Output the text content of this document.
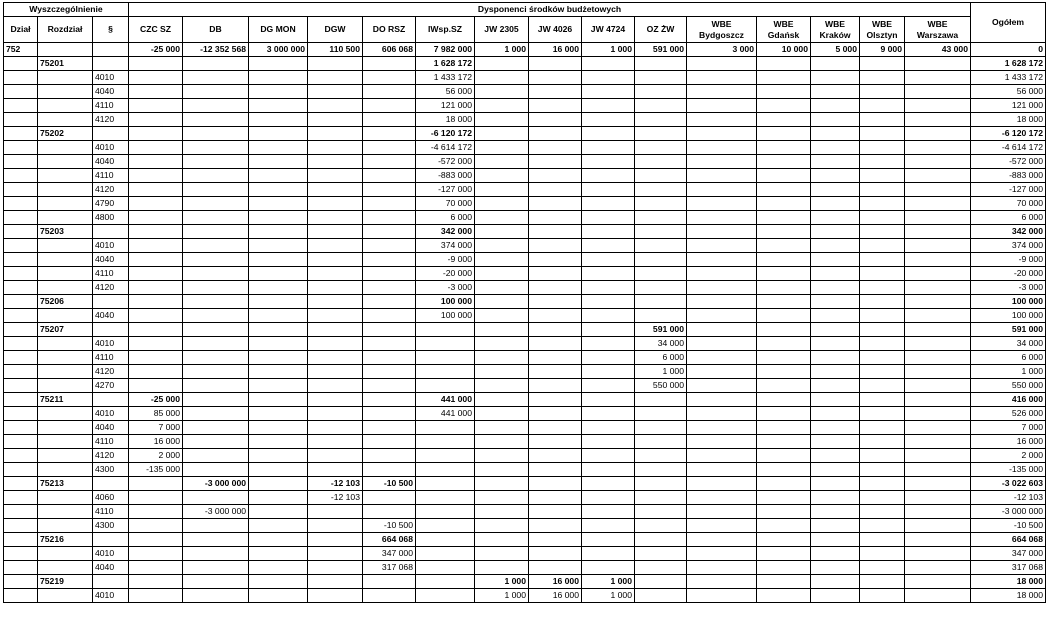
Wyszczególnienie			Dysponenci środków budżetowych															Ogółem
Dział	Rozdział	§	CZC SZ	DB	DG MON	DGW	DO RSZ	IWsp.SZ	JW 2305	JW 4026	JW 4724	OZ ŻW	WBE Bydgoszcz	WBE Gdańsk	WBE Kraków	WBE Olsztyn	WBE Warszawa	
752			-25 000	-12 352 568	3 000 000	110 500	606 068	7 982 000	1 000	16 000	1 000	591 000	3 000	10 000	5 000	9 000	43 000	0
	75201							1 628 172										1 628 172
		4010						1 433 172										1 433 172
		4040						56 000										56 000
		4110						121 000										121 000
		4120						18 000										18 000
	75202							-6 120 172										-6 120 172
		4010						-4 614 172										-4 614 172
		4040						-572 000										-572 000
		4110						-883 000										-883 000
		4120						-127 000										-127 000
		4790						70 000										70 000
		4800						6 000										6 000
	75203							342 000										342 000
		4010						374 000										374 000
		4040						-9 000										-9 000
		4110						-20 000										-20 000
		4120						-3 000										-3 000
	75206							100 000										100 000
		4040						100 000										100 000
	75207											591 000						591 000
		4010										34 000						34 000
		4110										6 000						6 000
		4120										1 000						1 000
		4270										550 000						550 000
	75211		-25 000					441 000										416 000
		4010	85 000					441 000										526 000
		4040	7 000															7 000
		4110	16 000															16 000
		4120	2 000															2 000
		4300	-135 000															-135 000
	75213			-3 000 000		-12 103	-10 500											-3 022 603
		4060				-12 103												-12 103
		4110		-3 000 000														-3 000 000
		4300					-10 500											-10 500
	75216						664 068											664 068
		4010					347 000											347 000
		4040					317 068											317 068
	75219								1 000	16 000	1 000							18 000
		4010							1 000	16 000	1 000							18 000
